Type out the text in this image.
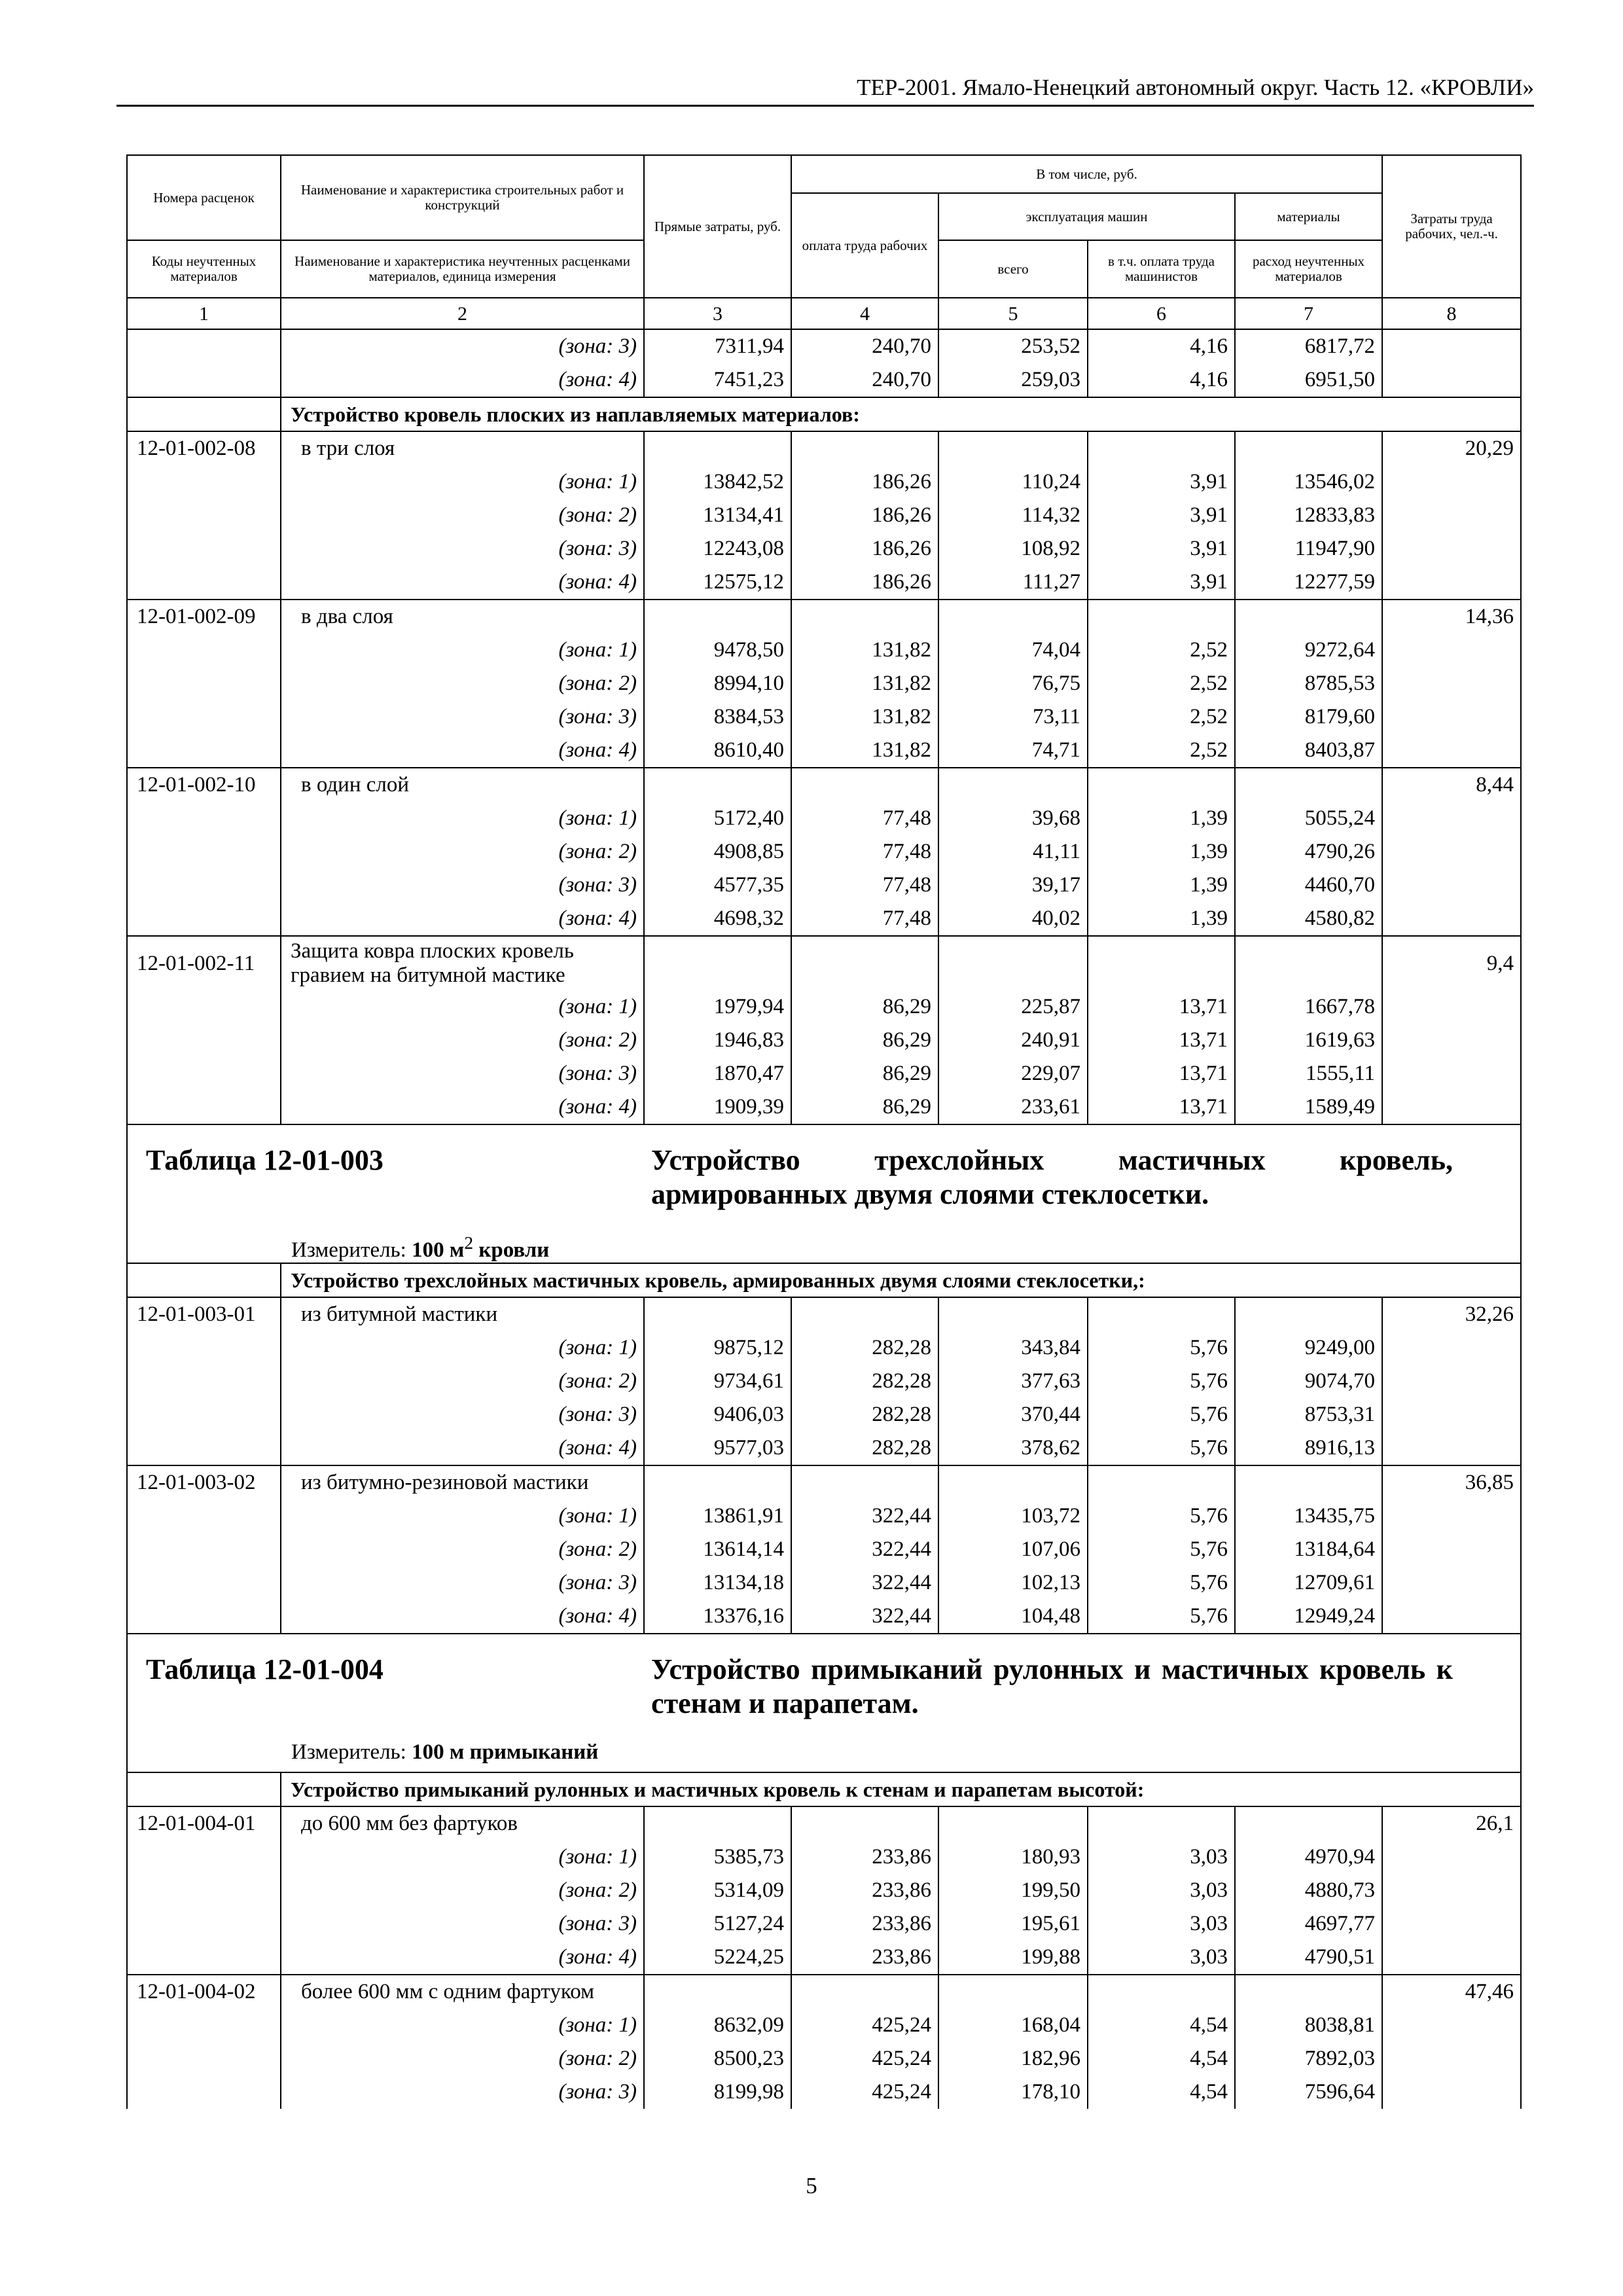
ТЕР-2001. Ямало-Ненецкий автономный округ. Часть 12. «КРОВЛИ»
Номера расценок	Наименование и характеристика строительных работ и конструкций	Прямые затраты, руб.	В том числе, руб.				Затраты труда рабочих, чел.-ч.
			оплата труда рабочих	эксплуатация машин		материалы	
Коды неучтенных материалов	Наименование и характеристика неучтенных расценками материалов, единица измерения			всего	в т.ч. оплата труда машинистов	расход неучтенных материалов	
1	2	3	4	5	6	7	8
	(зона: 3)	7311,94	240,70	253,52	4,16	6817,72	
	(зона: 4)	7451,23	240,70	259,03	4,16	6951,50	
	Устройство кровель плоских из наплавляемых материалов:						
12-01-002-08	в три слоя						20,29
	(зона: 1)	13842,52	186,26	110,24	3,91	13546,02	
	(зона: 2)	13134,41	186,26	114,32	3,91	12833,83	
	(зона: 3)	12243,08	186,26	108,92	3,91	11947,90	
	(зона: 4)	12575,12	186,26	111,27	3,91	12277,59	
12-01-002-09	в два слоя						14,36
	(зона: 1)	9478,50	131,82	74,04	2,52	9272,64	
	(зона: 2)	8994,10	131,82	76,75	2,52	8785,53	
	(зона: 3)	8384,53	131,82	73,11	2,52	8179,60	
	(зона: 4)	8610,40	131,82	74,71	2,52	8403,87	
12-01-002-10	в один слой						8,44
	(зона: 1)	5172,40	77,48	39,68	1,39	5055,24	
	(зона: 2)	4908,85	77,48	41,11	1,39	4790,26	
	(зона: 3)	4577,35	77,48	39,17	1,39	4460,70	
	(зона: 4)	4698,32	77,48	40,02	1,39	4580,82	
12-01-002-11	Защита ковра плоских кровель гравием на битумной мастике						9,4
	(зона: 1)	1979,94	86,29	225,87	13,71	1667,78	
	(зона: 2)	1946,83	86,29	240,91	13,71	1619,63	
	(зона: 3)	1870,47	86,29	229,07	13,71	1555,11	
	(зона: 4)	1909,39	86,29	233,61	13,71	1589,49	

Таблица 12-01-003 Устройство трехслойных мастичных кровель, армированных двумя слоями стеклосетки.
Измеритель: 100 $м^2$ кровли							

	Устройство трехслойных мастичных кровель, армированных двумя слоями стеклосетки,:						
12-01-003-01	из битумной мастики						32,26
	(зона: 1)	9875,12	282,28	343,84	5,76	9249,00	
	(зона: 2)	9734,61	282,28	377,63	5,76	9074,70	
	(зона: 3)	9406,03	282,28	370,44	5,76	8753,31	
	(зона: 4)	9577,03	282,28	378,62	5,76	8916,13	
12-01-003-02	из битумно-резиновой мастики						36,85
	(зона: 1)	13861,91	322,44	103,72	5,76	13435,75	
	(зона: 2)	13614,14	322,44	107,06	5,76	13184,64	
	(зона: 3)	13134,18	322,44	102,13	5,76	12709,61	
	(зона: 4)	13376,16	322,44	104,48	5,76	12949,24	

Таблица 12-01-004 Устройство примыканий рулонных и мастичных кровель к стенам и парапетам.
Измеритель: 100 м примыканий							

	Устройство примыканий рулонных и мастичных кровель к стенам и парапетам высотой:						
12-01-004-01	до 600 мм без фартуков						26,1
	(зона: 1)	5385,73	233,86	180,93	3,03	4970,94	
	(зона: 2)	5314,09	233,86	199,50	3,03	4880,73	
	(зона: 3)	5127,24	233,86	195,61	3,03	4697,77	
	(зона: 4)	5224,25	233,86	199,88	3,03	4790,51	
12-01-004-02	более 600 мм с одним фартуком						47,46
	(зона: 1)	8632,09	425,24	168,04	4,54	8038,81	
	(зона: 2)	8500,23	425,24	182,96	4,54	7892,03	
	(зона: 3)	8199,98	425,24	178,10	4,54	7596,64	
5
